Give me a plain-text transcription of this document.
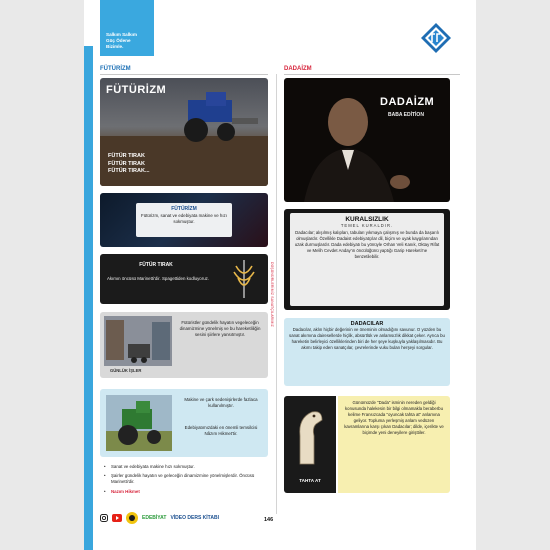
Salkım Salkım
Güç Ödene
Bizimle.
FÜTÜRİZM	DADAİZM
DÜŞÜNÜRLERİMİZ SANATÇILARIMIZ
FÜTÜRİZM
FÜTÜR TIRAK
FÜTÜR TIRAK
FÜTÜR TIRAK...
FÜTÜRİZM
Fütürizm, sanat ve edebiyata makine ve hızı sokmuştur.
FÜTÜR TIRAK
Akımın öncüsü Marinetti'dir. Spagettiden kodluyoruz.
GÜNLÜK İŞLER
Fütüristler gündelik hayatın vegeleceğin dinamizmine yönelmiş ve bu hareketliliğin sesini şiirlere yansıtmıştır.
Makine ve çark sedenişirlerde fazlaca kullanılmıştır.
Edebiyatımızdaki en önemli temsilcisi Nâzım Hikmet'tir.
• Sanat ve edebiyata makine hızı sokmuştur.
• Şairler gündelik hayatın ve geleceğin dinamizmine yönelmişlerdir. Öncüsü Marinetti'dir.
• Nazım Hikmet
DADAİZM
BABA EDİTİON
KURALSIZLIK
TEMEL KURALDIR.
Dadacılar; alışılmış kalıpları, tabuları yıkmaya çalışmış ve bunda da başarılı olmuşlardır. Özellikle Dadaist edebiyatçılar dil, biçim ve uyak kaygılarından uzak durmuşlardır. Dada edebiyatı bu yönüyle Orhan Veli Kanık, Oktay Rifat ve Melih Cevdet Anday'ın öncülüğünü yaptığı Garip Hareketi'ne benzetilebilir.
DADACILAR
Dadacılar, aklın hiçbir değerinin ve öneminin olmadığını savunur. O yüzden bu sanat akımına dairesellerde hiçlik, absürtlük ve anlamsızlık dikkat çeker. Ayrıca bu hareketin belirleyici özelliklerinden biri de her şeye kuşkuyla yaklaşılmasıdır. Bu akımı takip eden sanatçılar, çevrelerinde vuku bulan herşeyi sorgular.
TAHTA AT
Günümüzde "Dada" isminin nereden geldiği konusunda halekesin bir bilgi olmamakla beraberbu kelime Fransızcada "oyuncak tahta at" anlamına geliyor. Topluma yerleşmiş anlam vedüzen kavramlarına karşı çıkan Dadacılar; dilde, içerikte ve biçimde yeni deneyilere girişttiler.
EDEBİYAT VİDEO DERS KİTABI	146
